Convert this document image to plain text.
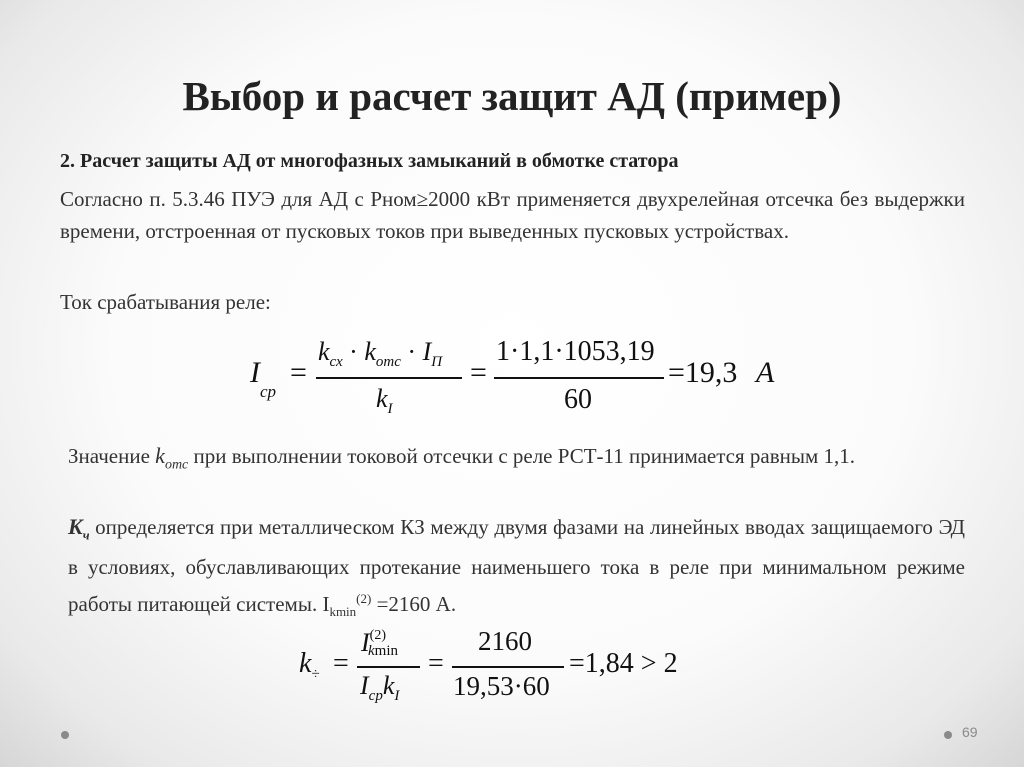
Выбор и расчет защит АД (пример)
2. Расчет защиты АД от многофазных замыканий в обмотке статора
Согласно п. 5.3.46 ПУЭ для АД с Pном≥2000 кВт применяется двухрелейная отсечка без выдержки времени, отстроенная от пусковых токов при выведенных пусковых устройствах.
Ток срабатывания реле:
$I_{ср}$
=
$k_{сх} \cdot k_{отс} \cdot I_П$
$k_I$
=
1·1,1·1053,19
60
=19,3 A
Значение $k_{отс}$ при выполнении токовой отсечки с реле РСТ-11 принимается равным 1,1.
$K_ч$ определяется при металлическом КЗ между двумя фазами на линейных вводах защищаемого ЭД в условиях, обуславливающих протекание наименьшего тока в реле при минимальном режиме работы питающей системы. $I_{kmin}^{(2)} =2160$ А.
$k_\div$ =
$I^{(2)}kmin$
$I_{ср}k_I$
=
2160
19,53·60
=1,84 > 2
69
